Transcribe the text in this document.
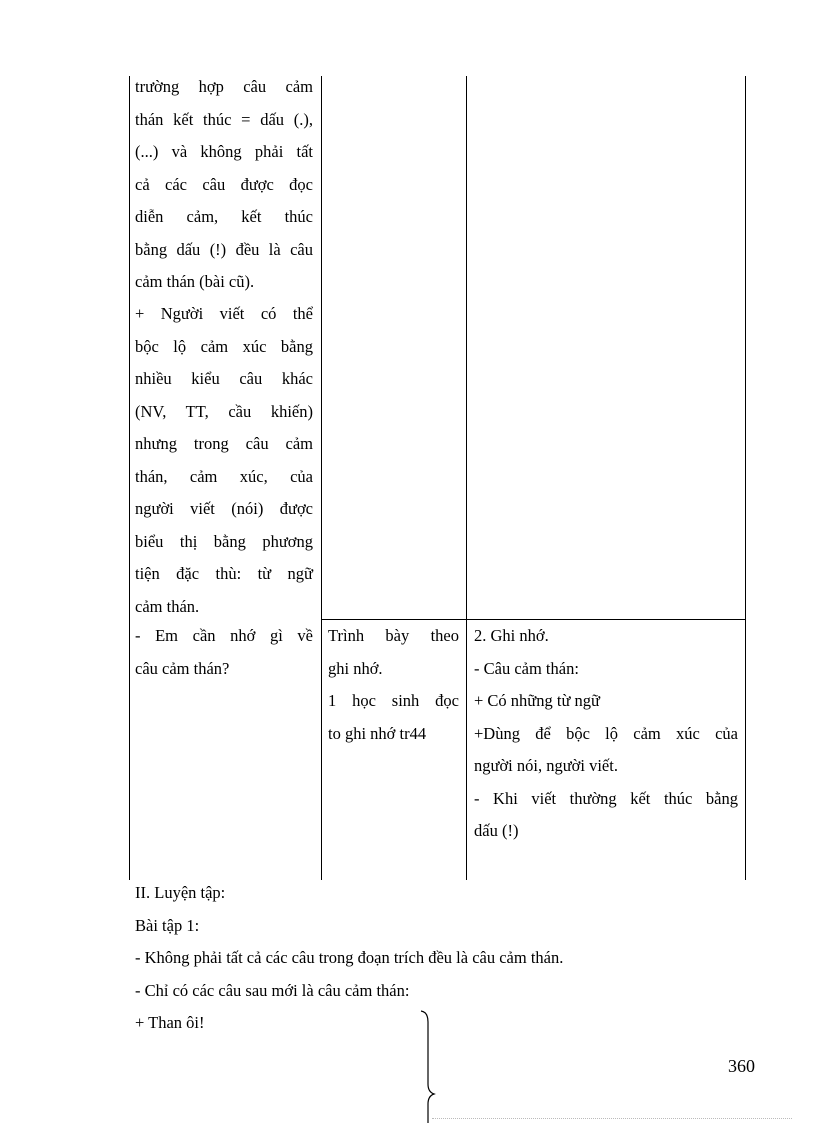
trường hợp câu cảm
thán kết thúc = dấu (.),
(...) và không phải tất
cả các câu được đọc
diễn cảm, kết thúc
bằng dấu (!) đều là câu
cảm thán (bài cũ).
+ Người viết có thể
bộc lộ cảm xúc bằng
nhiều kiểu câu khác
(NV, TT, cầu khiến)
nhưng trong câu cảm
thán, cảm xúc, của
người viết (nói) được
biểu thị bằng phương
tiện đặc thù: từ ngữ
cảm thán.
- Em cần nhớ gì về
câu cảm thán?
Trình bày theo
ghi nhớ.
1 học sinh đọc
to ghi nhớ tr44
2. Ghi nhớ.
- Câu cảm thán:
+ Có những từ ngữ
+Dùng để bộc lộ cảm xúc của
người nói, người viết.
- Khi viết thường kết thúc bằng
dấu (!)
II. Luyện tập:
Bài tập 1:
- Không phải tất cả các câu trong đoạn trích đều là câu cảm thán.
- Chỉ có các câu sau mới là câu cảm thán:
+ Than ôi!
360
